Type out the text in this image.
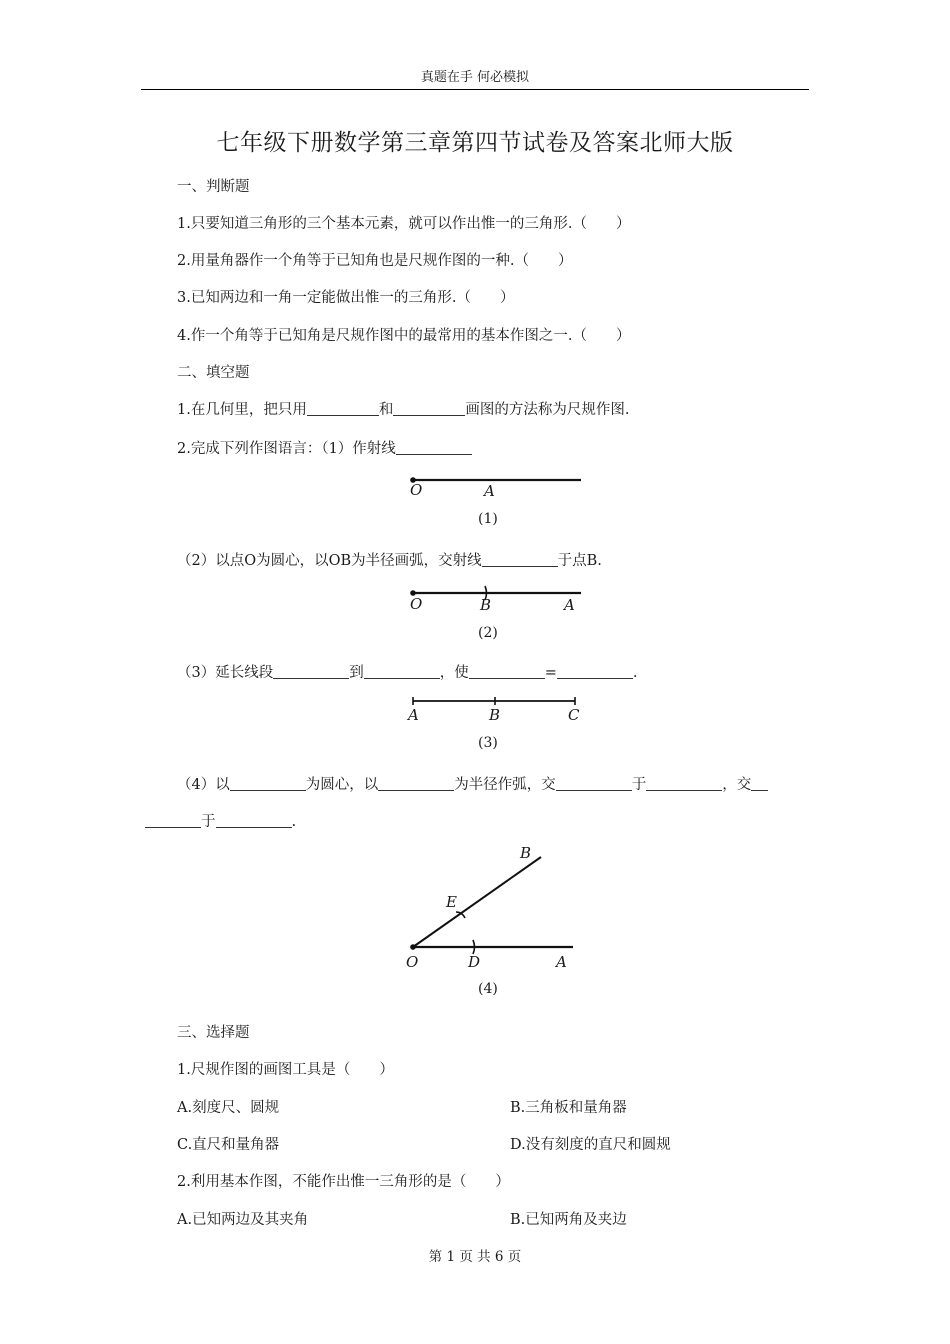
真题在手 何必模拟
七年级下册数学第三章第四节试卷及答案北师大版
一、判断题
1.只要知道三角形的三个基本元素，就可以作出惟一的三角形.（　　）
2.用量角器作一个角等于已知角也是尺规作图的一种.（　　）
3.已知两边和一角一定能做出惟一的三角形.（　　）
4.作一个角等于已知角是尺规作图中的最常用的基本作图之一.（　　）
二、填空题
1.在几何里，把只用	和	画图的方法称为尺规作图.
2.完成下列作图语言：（1）作射线
O	A
(1)
（2）以点O为圆心，以OB为半径画弧，交射线	于点B.
O	B	A
(2)
（3）延长线段	到	，使	=	.
A	B	C
(3)
（4）以	为圆心，以	为半径作弧，交	于	，交
于	.
B
E
O	D	A
(4)
三、选择题
1.尺规作图的画图工具是（　　）
A.刻度尺、圆规	B.三角板和量角器
C.直尺和量角器	D.没有刻度的直尺和圆规
2.利用基本作图，不能作出惟一三角形的是（　　）
A.已知两边及其夹角	B.已知两角及夹边
第 1 页 共 6 页
